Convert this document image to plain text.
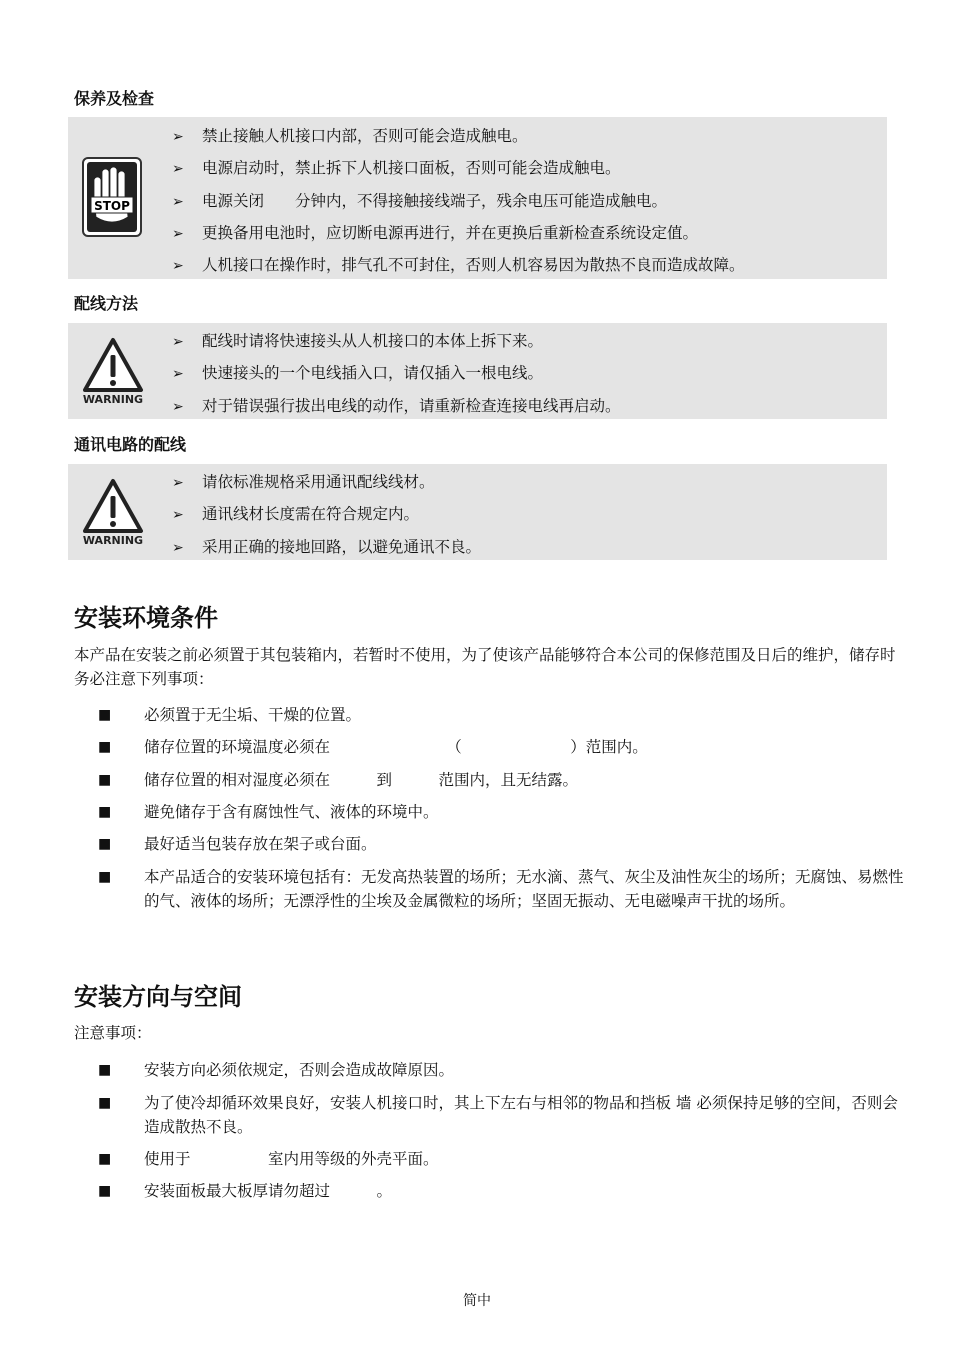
保养及检查
STOP
➢ 禁止接触人机接口内部，否则可能会造成触电。
➢ 电源启动时，禁止拆下人机接口面板，否则可能会造成触电。
➢ 电源关闭　　分钟内，不得接触接线端子，残余电压可能造成触电。
➢ 更换备用电池时，应切断电源再进行，并在更换后重新检查系统设定值。
➢ 人机接口在操作时，排气孔不可封住，否则人机容易因为散热不良而造成故障。
配线方法
WARNING
➢ 配线时请将快速接头从人机接口的本体上拆下来。
➢ 快速接头的一个电线插入口，请仅插入一根电线。
➢ 对于错误强行拔出电线的动作，请重新检查连接电线再启动。
通讯电路的配线
WARNING
➢ 请依标准规格采用通讯配线线材。
➢ 通讯线材长度需在符合规定内。
➢ 采用正确的接地回路，以避免通讯不良。
安装环境条件
本产品在安装之前必须置于其包装箱内，若暂时不使用，为了使该产品能够符合本公司的保修范围及日后的维护，储存时务必注意下列事项：
■ 必须置于无尘垢、干燥的位置。
■ 储存位置的环境温度必须在　　　　　　　　（　　　　　　　）范围内。
■ 储存位置的相对湿度必须在　　　到　　　范围内，且无结露。
■ 避免储存于含有腐蚀性气、液体的环境中。
■ 最好适当包装存放在架子或台面。
■ 本产品适合的安装环境包括有：无发高热装置的场所；无水滴、蒸气、灰尘及油性灰尘的场所；无腐蚀、易燃性的气、液体的场所；无漂浮性的尘埃及金属微粒的场所；坚固无振动、无电磁噪声干扰的场所。
安装方向与空间
注意事项：
■ 安装方向必须依规定，否则会造成故障原因。
■ 为了使冷却循环效果良好，安装人机接口时，其上下左右与相邻的物品和挡板 墙 必须保持足够的空间，否则会造成散热不良。
■ 使用于　　　　　室内用等级的外壳平面。
■ 安装面板最大板厚请勿超过　　　。
简中
